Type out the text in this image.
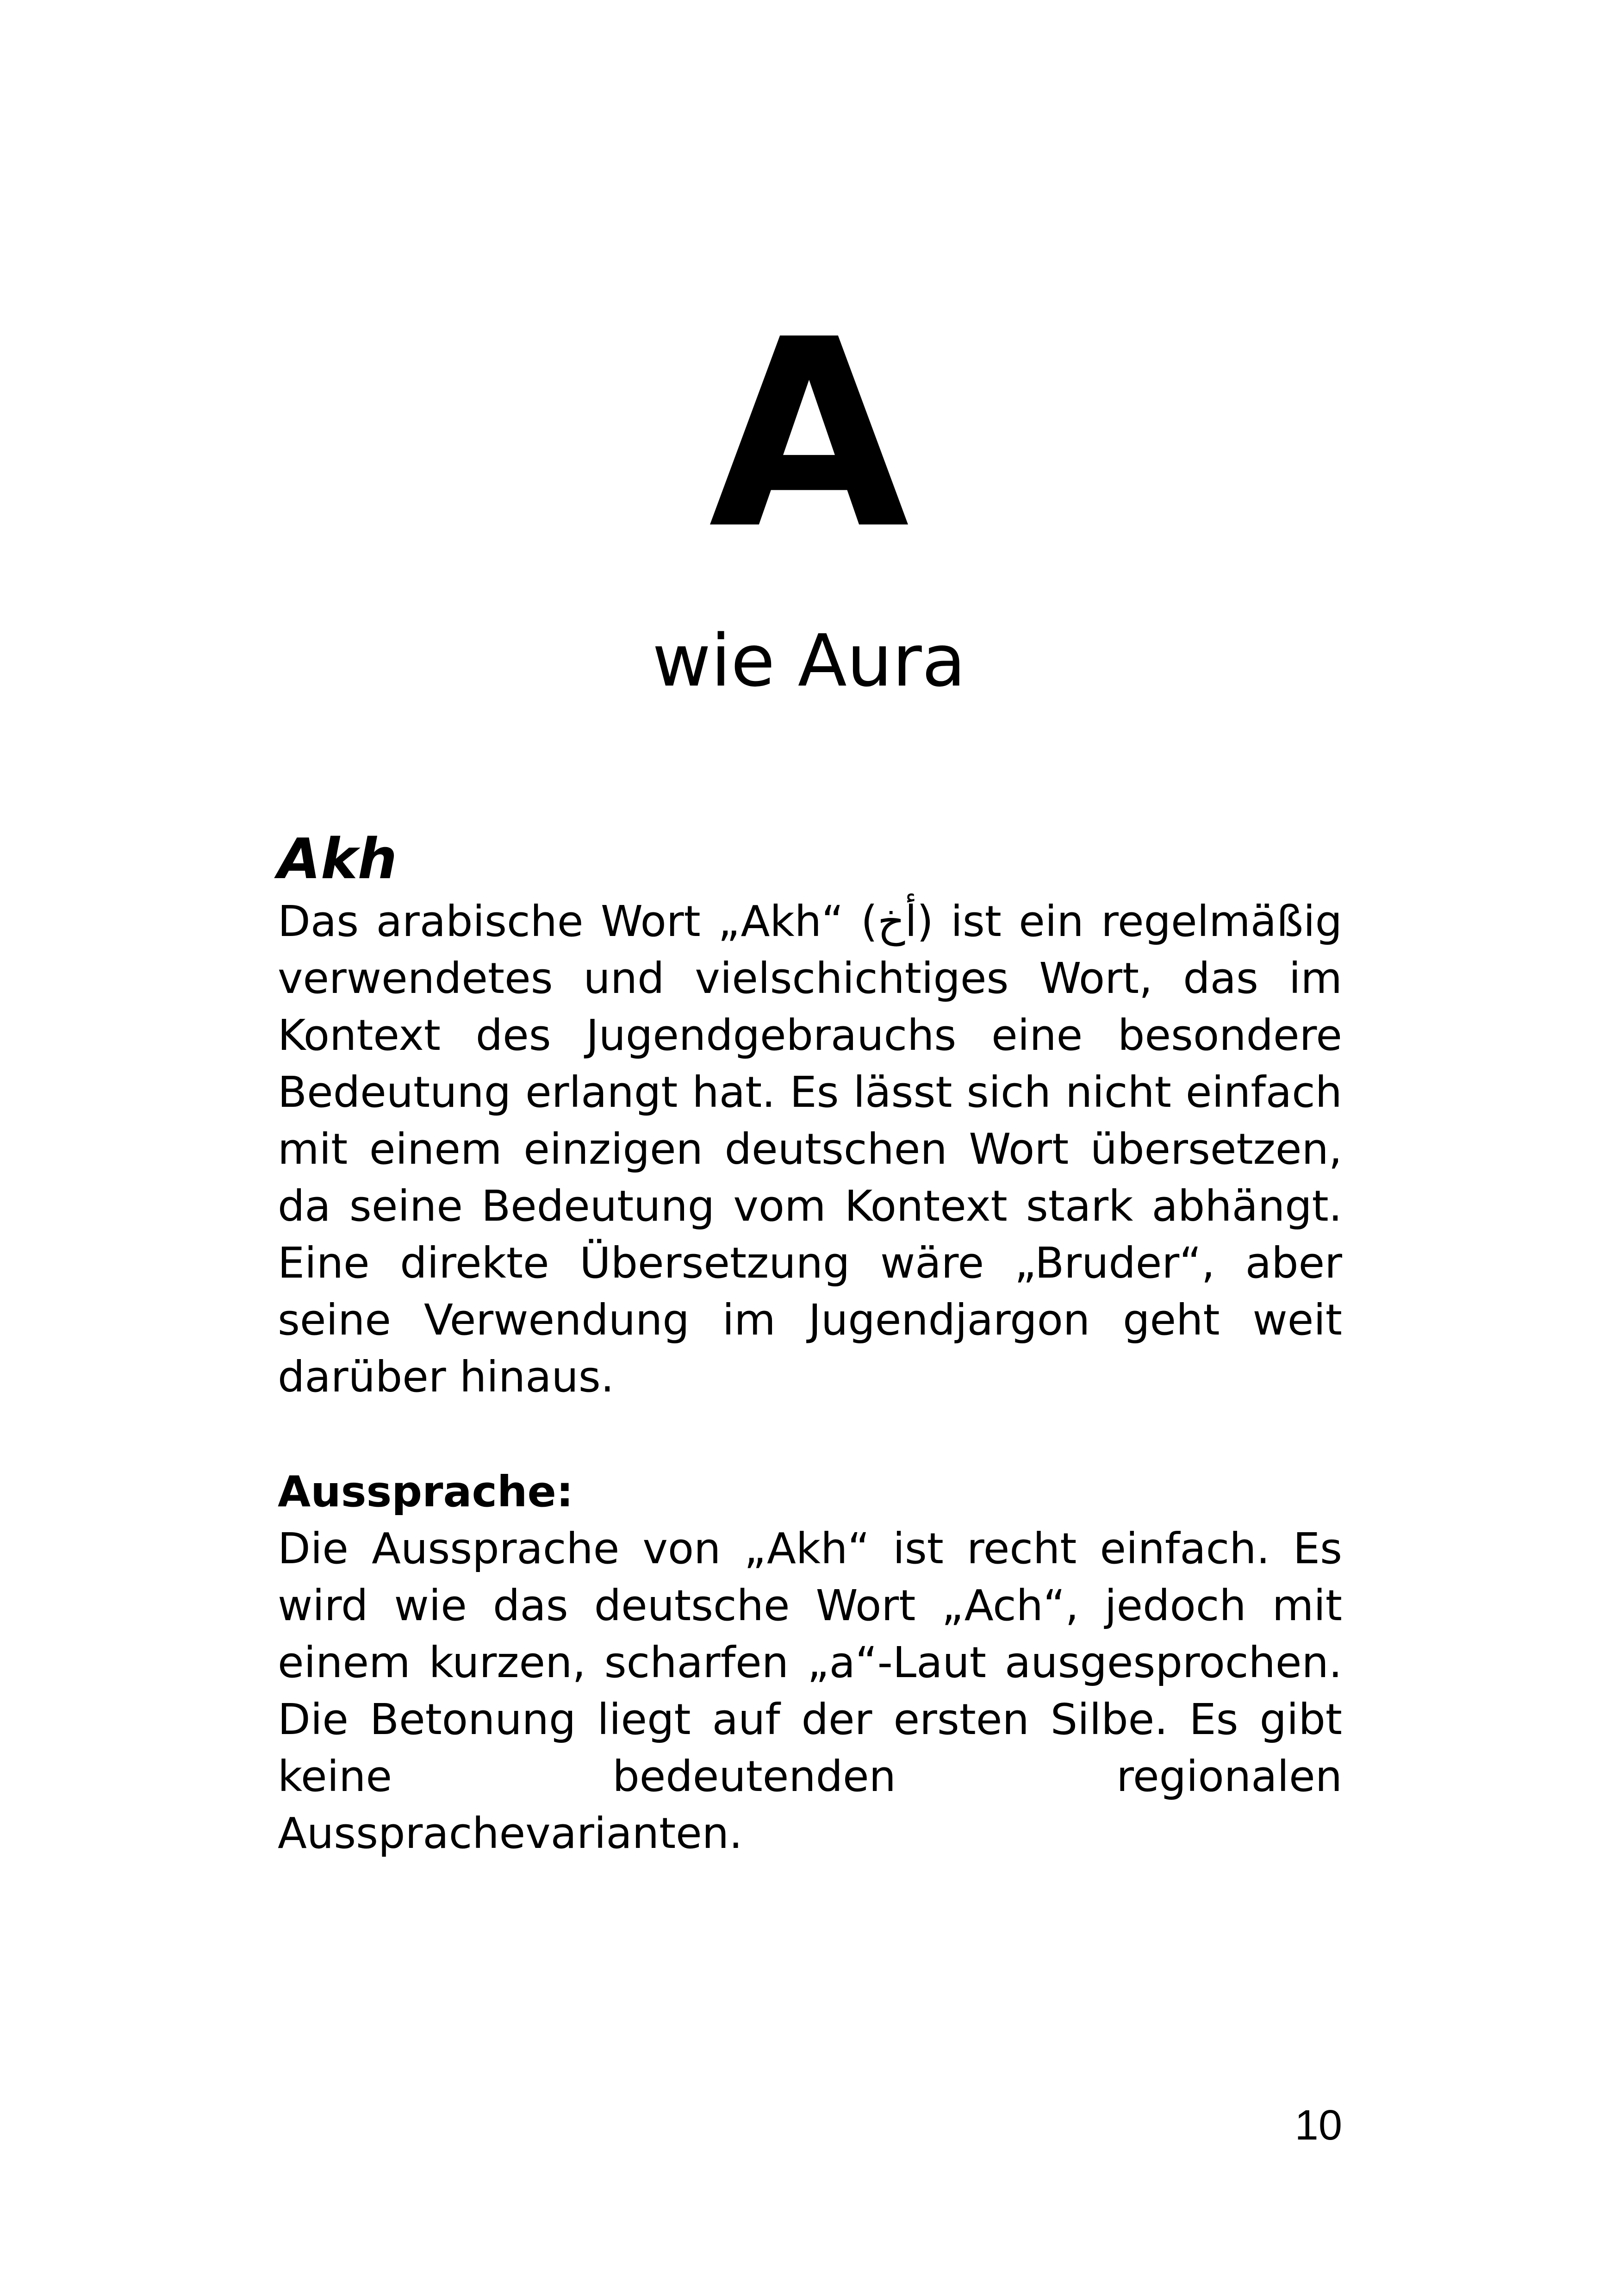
A
wie Aura
Akh

Das arabische Wort „Akh“ (أخ) ist ein regelmäßig verwendetes und vielschichtiges Wort, das im Kontext des Jugendgebrauchs eine besondere Bedeutung erlangt hat. Es lässt sich nicht einfach mit einem einzigen deutschen Wort übersetzen, da seine Bedeutung vom Kontext stark abhängt. Eine direkte Übersetzung wäre „Bruder“, aber seine Verwendung im Jugendjargon geht weit darüber hinaus.

Aussprache:

Die Aussprache von „Akh“ ist recht einfach. Es wird wie das deutsche Wort „Ach“, jedoch mit einem kurzen, scharfen „a“-Laut ausgesprochen. Die Betonung liegt auf der ersten Silbe. Es gibt keine bedeutenden regionalen Aussprachevarianten.

10
